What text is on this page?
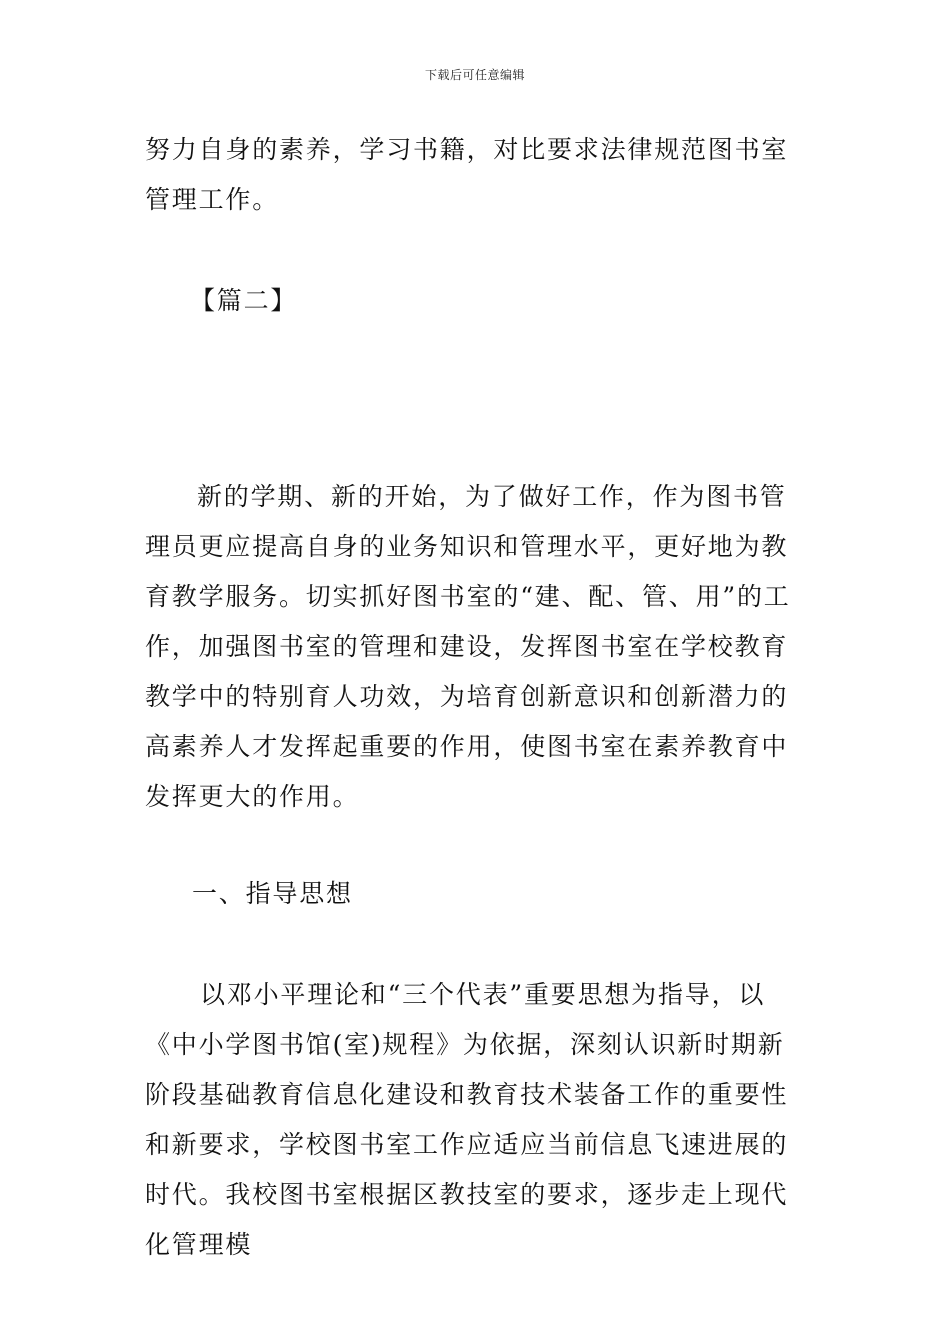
下载后可任意编辑

努力自身的素养，学习书籍，对比要求法律规范图书室管理工作。

【篇二】

新的学期、新的开始，为了做好工作，作为图书管理员更应提高自身的业务知识和管理水平，更好地为教育教学服务。切实抓好图书室的“建、配、管、用”的工作，加强图书室的管理和建设，发挥图书室在学校教育教学中的特别育人功效，为培育创新意识和创新潜力的高素养人才发挥起重要的作用，使图书室在素养教育中发挥更大的作用。

一、指导思想

以邓小平理论和“三个代表”重要思想为指导，以《中小学图书馆(室)规程》为依据，深刻认识新时期新阶段基础教育信息化建设和教育技术装备工作的重要性和新要求，学校图书室工作应适应当前信息飞速进展的时代。我校图书室根据区教技室的要求，逐步走上现代化管理模
